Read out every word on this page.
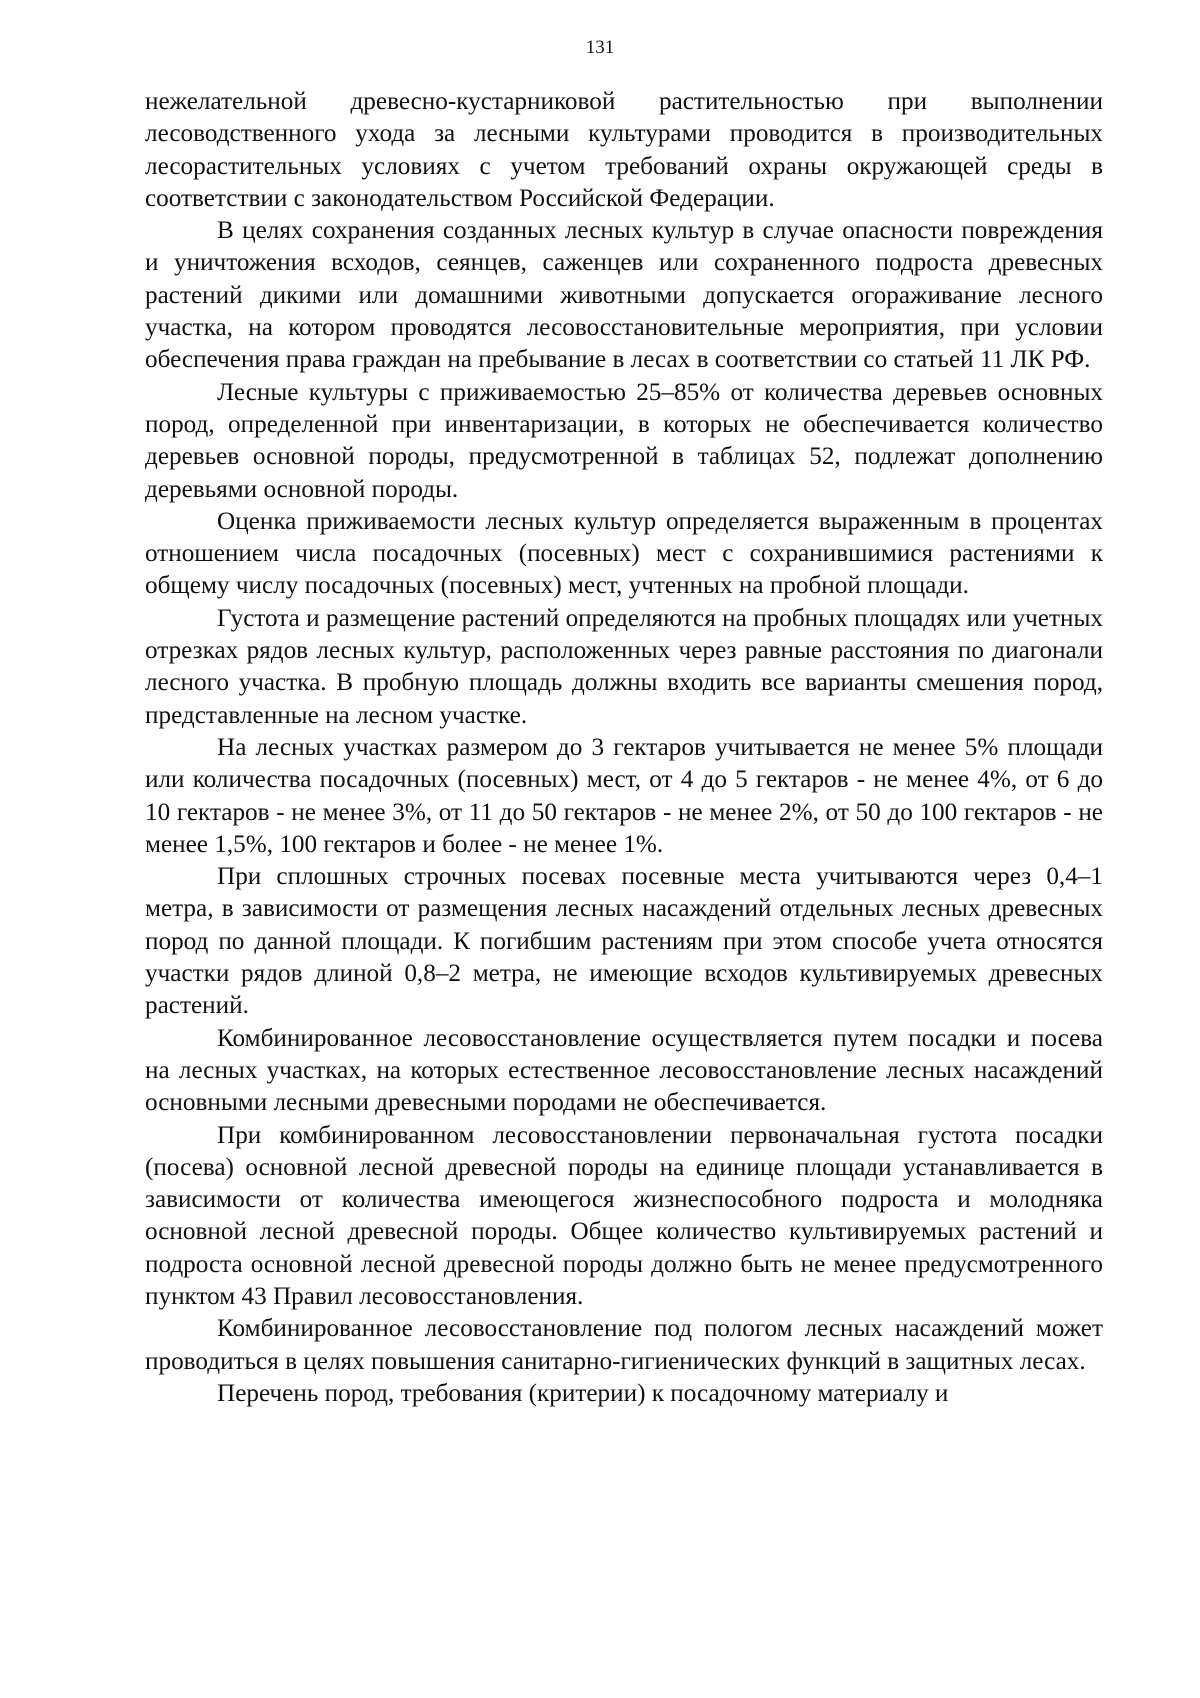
131

нежелательной древесно-кустарниковой растительностью при выполнении лесоводственного ухода за лесными культурами проводится в производительных лесорастительных условиях с учетом требований охраны окружающей среды в соответствии с законодательством Российской Федерации.

В целях сохранения созданных лесных культур в случае опасности повреждения и уничтожения всходов, сеянцев, саженцев или сохраненного подроста древесных растений дикими или домашними животными допускается огораживание лесного участка, на котором проводятся лесовосстановительные мероприятия, при условии обеспечения права граждан на пребывание в лесах в соответствии со статьей 11 ЛК РФ.

Лесные культуры с приживаемостью 25–85% от количества деревьев основных пород, определенной при инвентаризации, в которых не обеспечивается количество деревьев основной породы, предусмотренной в таблицах 52, подлежат дополнению деревьями основной породы.

Оценка приживаемости лесных культур определяется выраженным в процентах отношением числа посадочных (посевных) мест с сохранившимися растениями к общему числу посадочных (посевных) мест, учтенных на пробной площади.

Густота и размещение растений определяются на пробных площадях или учетных отрезках рядов лесных культур, расположенных через равные расстояния по диагонали лесного участка. В пробную площадь должны входить все варианты смешения пород, представленные на лесном участке.

На лесных участках размером до 3 гектаров учитывается не менее 5% площади или количества посадочных (посевных) мест, от 4 до 5 гектаров - не менее 4%, от 6 до 10 гектаров - не менее 3%, от 11 до 50 гектаров - не менее 2%, от 50 до 100 гектаров - не менее 1,5%, 100 гектаров и более - не менее 1%.

При сплошных строчных посевах посевные места учитываются через 0,4–1 метра, в зависимости от размещения лесных насаждений отдельных лесных древесных пород по данной площади. К погибшим растениям при этом способе учета относятся участки рядов длиной 0,8–2 метра, не имеющие всходов культивируемых древесных растений.

Комбинированное лесовосстановление осуществляется путем посадки и посева на лесных участках, на которых естественное лесовосстановление лесных насаждений основными лесными древесными породами не обеспечивается.

При комбинированном лесовосстановлении первоначальная густота посадки (посева) основной лесной древесной породы на единице площади устанавливается в зависимости от количества имеющегося жизнеспособного подроста и молодняка основной лесной древесной породы. Общее количество культивируемых растений и подроста основной лесной древесной породы должно быть не менее предусмотренного пунктом 43 Правил лесовосстановления.

Комбинированное лесовосстановление под пологом лесных насаждений может проводиться в целях повышения санитарно-гигиенических функций в защитных лесах.

Перечень пород, требования (критерии) к посадочному материалу и
